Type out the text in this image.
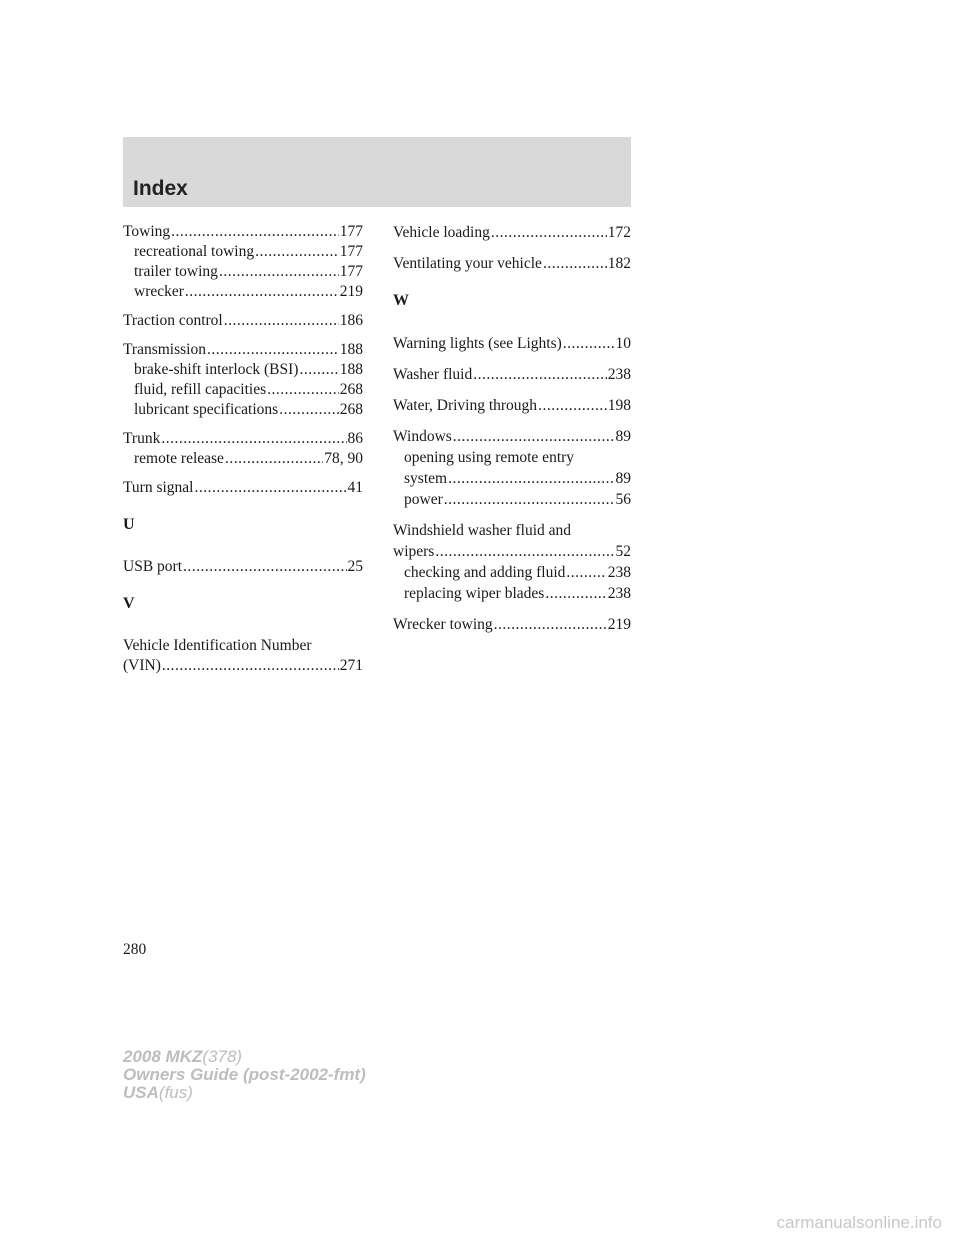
Index
Towing .....	177
recreational towing .....	177
trailer towing .....	177
wrecker .....	219
Traction control .....	186
Transmission .....	188
brake-shift interlock (BSI) .....	188
fluid, refill capacities .....	268
lubricant specifications .....	268
Trunk .....	86
remote release .....	78, 90
Turn signal .....	41
U
USB port .....	25
V
Vehicle Identification Number
(VIN) .....	271
Vehicle loading .....	172
Ventilating your vehicle .....	182
W
Warning lights (see Lights) .....	10
Washer fluid .....	238
Water, Driving through .....	198
Windows .....	89
opening using remote entry
system .....	89
power .....	56
Windshield washer fluid and
wipers .....	52
checking and adding fluid .....	238
replacing wiper blades .....	238
Wrecker towing .....	219
280
2008 MKZ(378)
Owners Guide (post-2002-fmt)
USA(fus)
carmanualsonline.info
